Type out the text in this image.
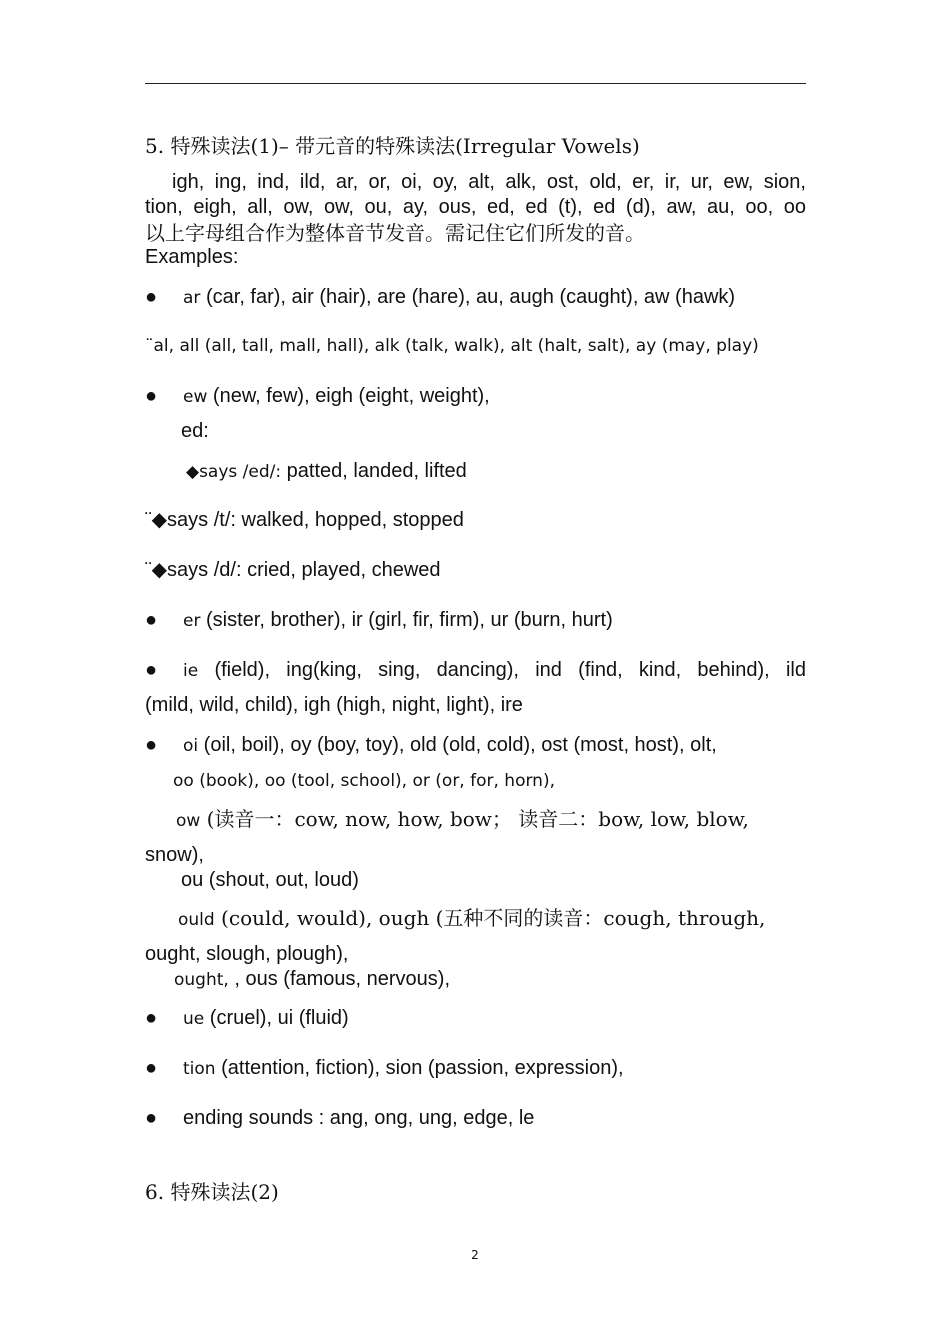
5. 特殊读法(1)– 带元音的特殊读法(Irregular Vowels)
igh, ing, ind, ild, ar, or, oi, oy, alt, alk, ost, old, er, ir, ur, ew, sion,
tion, eigh, all, ow, ow, ou, ay, ous, ed, ed (t), ed (d), aw, au, oo, oo
以上字母组合作为整体音节发音。需记住它们所发的音。
Examples:
● ar (car, far), air (hair), are (hare), au, augh (caught), aw (hawk)
¨al, all (all, tall, mall, hall), alk (talk, walk), alt (halt, salt), ay (may, play)
● ew (new, few), eigh (eight, weight),
ed:
◆says /ed/: patted, landed, lifted
¨◆says /t/: walked, hopped, stopped
¨◆says /d/: cried, played, chewed
● er (sister, brother), ir (girl, fir, firm), ur (burn, hurt)
● ie (field), ing(king, sing, dancing), ind (find, kind, behind), ild
(mild, wild, child), igh (high, night, light), ire
● oi (oil, boil), oy (boy, toy), old (old, cold), ost (most, host), olt,
oo (book), oo (tool, school), or (or, for, horn),
ow (读音一：cow, now, how, bow； 读音二：bow, low, blow,
snow),
ou (shout, out, loud)
ould (could, would), ough (五种不同的读音：cough, through,
ought, slough, plough),
ought, , ous (famous, nervous),
● ue (cruel), ui (fluid)
● tion (attention, fiction), sion (passion, expression),
● ending sounds : ang, ong, ung, edge, le
6. 特殊读法(2)
2
